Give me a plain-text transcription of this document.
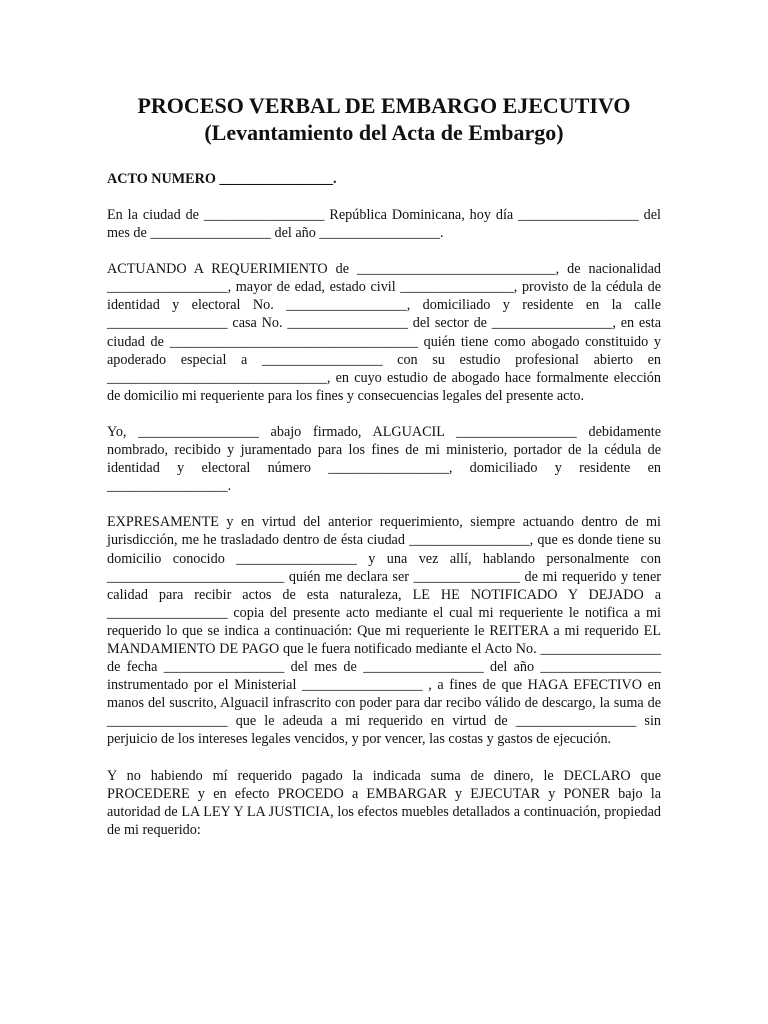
PROCESO VERBAL DE EMBARGO EJECUTIVO
(Levantamiento del Acta de Embargo)

ACTO NUMERO ________________.

En la ciudad de _________________ República Dominicana, hoy día _________________ del mes de _________________ del año _________________.

ACTUANDO A REQUERIMIENTO de ____________________________, de nacionalidad _________________, mayor de edad, estado civil ________________, provisto de la cédula de identidad y electoral No. _________________, domiciliado y residente en la calle _________________ casa No. _________________ del sector de _________________, en esta ciudad de ___________________________________ quién tiene como abogado constituido y apoderado especial a _________________ con su estudio profesional abierto en _______________________________, en cuyo estudio de abogado hace formalmente elección de domicilio mi requeriente para los fines y consecuencias legales del presente acto.

Yo, _________________ abajo firmado, ALGUACIL _________________ debidamente nombrado, recibido y juramentado para los fines de mi ministerio, portador de la cédula de identidad y electoral número _________________, domiciliado y residente en _________________.

EXPRESAMENTE y en virtud del anterior requerimiento, siempre actuando dentro de mi jurisdicción, me he trasladado dentro de ésta ciudad _________________, que es donde tiene su domicilio conocido _________________ y una vez allí, hablando personalmente con _________________________ quién me declara ser _______________ de mi requerido y tener calidad para recibir actos de esta naturaleza, LE HE NOTIFICADO Y DEJADO a _________________ copia del presente acto mediante el cual mi requeriente le notifica a mi requerido lo que se indica a continuación: Que mi requeriente le REITERA a mi requerido EL MANDAMIENTO DE PAGO que le fuera notificado mediante el Acto No. _________________ de fecha _________________ del mes de _________________ del año _________________ instrumentado por el Ministerial _________________ , a fines de que HAGA EFECTIVO en manos del suscrito, Alguacil infrascrito con poder para dar recibo válido de descargo, la suma de _________________ que le adeuda a mi requerido en virtud de _________________ sin perjuicio de los intereses legales vencidos, y por vencer, las costas y gastos de ejecución.

Y no habiendo mí requerido pagado la indicada suma de dinero, le DECLARO que PROCEDERE y en efecto PROCEDO a EMBARGAR y EJECUTAR y PONER bajo la autoridad de LA LEY Y LA JUSTICIA, los efectos muebles detallados a continuación, propiedad de mi requerido:
